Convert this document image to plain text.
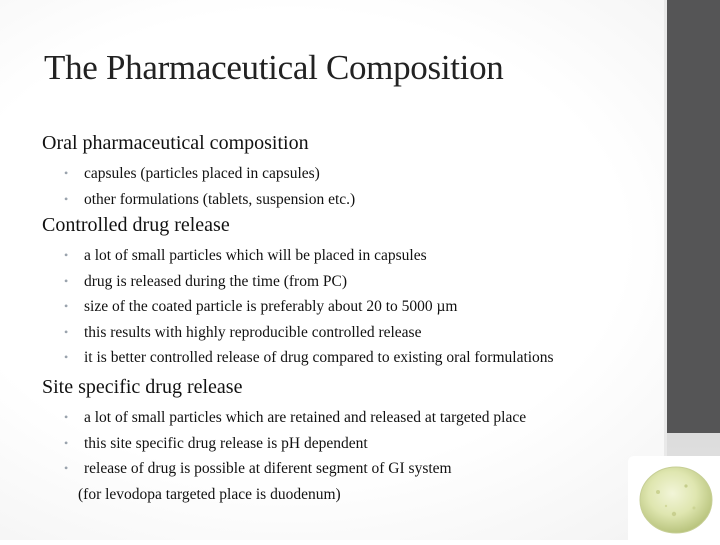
The Pharmaceutical Composition
Oral pharmaceutical composition
• capsules (particles placed in capsules)
• other formulations (tablets, suspension etc.)
Controlled drug release
• a lot of small particles which will be placed in capsules
• drug is released during the time (from PC)
• size of the coated particle is preferably about 20 to 5000 µm
• this results with highly reproducible controlled release
• it is better controlled release of drug compared to existing oral formulations
Site specific drug release
• a lot of small particles which are retained and released at targeted place
• this site specific drug release is pH dependent
• release of drug is possible at diferent segment of GI system
(for levodopa targeted place is duodenum)
